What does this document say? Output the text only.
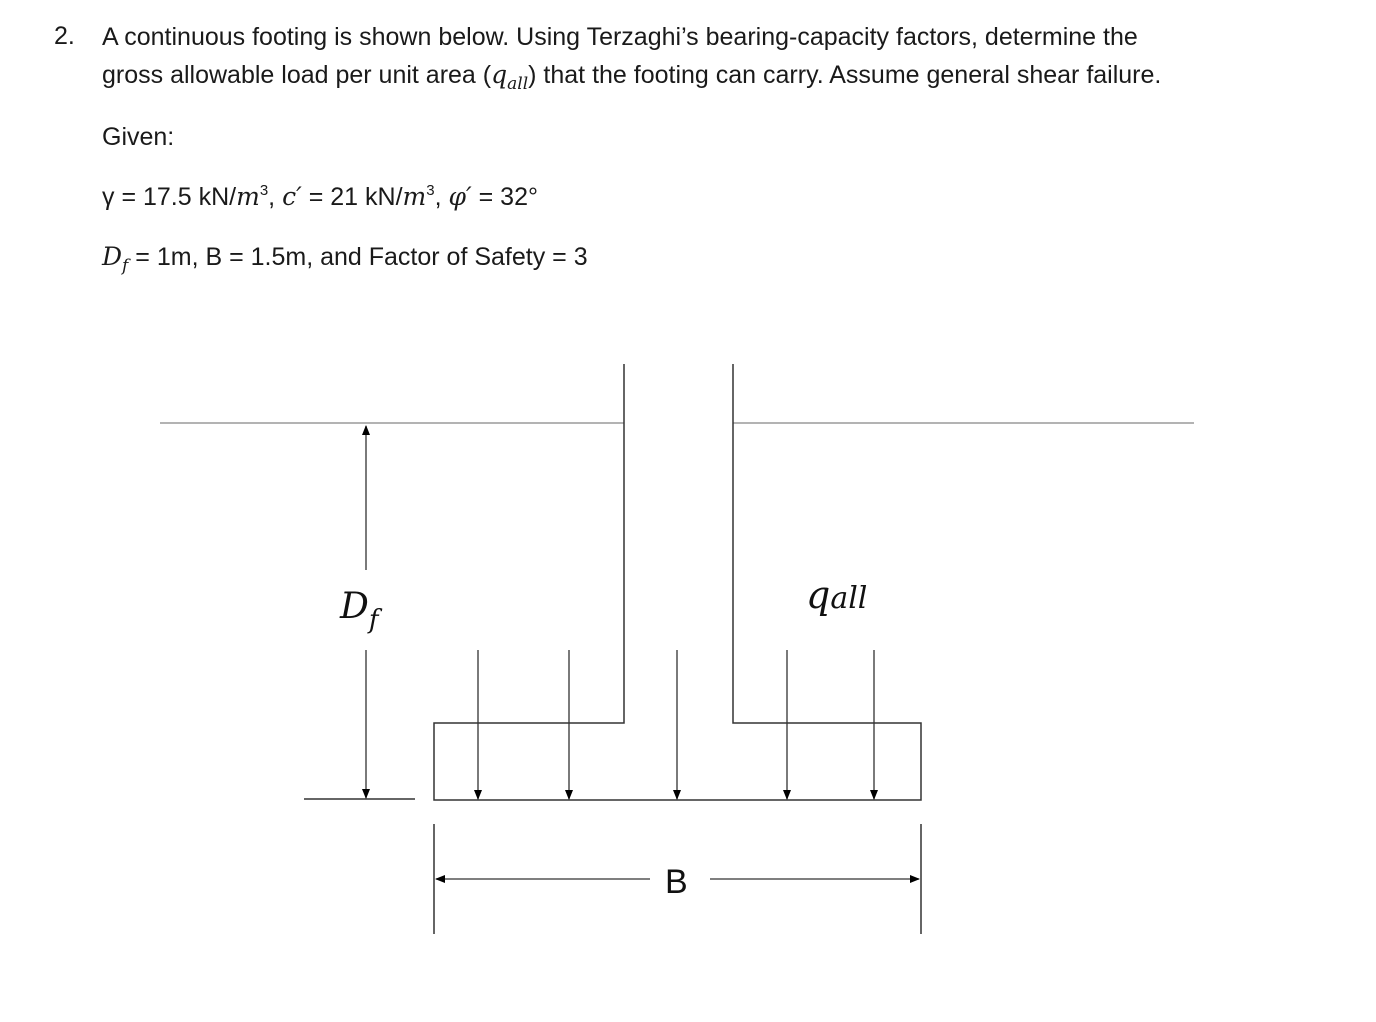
2. A continuous footing is shown below. Using Terzaghi’s bearing-capacity factors, determine the
gross allowable load per unit area $(q_{all})$ that the footing can carry. Assume general shear failure.
Given:
γ = 17.5 $kN/m^3$, c′ = 21 $kN/m^3$, φ′ = 32°
$D_f = 1m$, B = 1.5m, and Factor of Safety = 3
$D_f$
qall
B
